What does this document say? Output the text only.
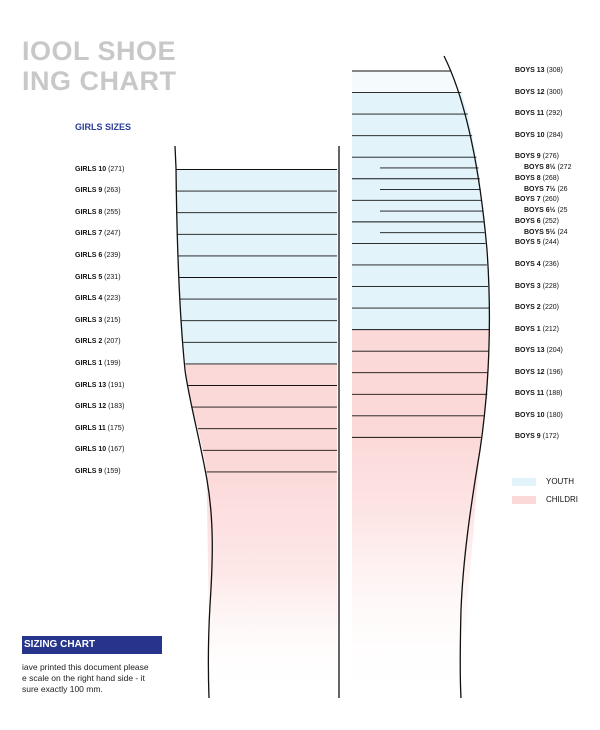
IOOL SHOE
ING CHART
GIRLS SIZES
GIRLS 10 (271)
GIRLS 9 (263)
GIRLS 8 (255)
GIRLS 7 (247)
GIRLS 6 (239)
GIRLS 5 (231)
GIRLS 4 (223)
GIRLS 3 (215)
GIRLS 2 (207)
GIRLS 1 (199)
GIRLS 13 (191)
GIRLS 12 (183)
GIRLS 11 (175)
GIRLS 10 (167)
GIRLS 9 (159)
BOYS 13 (308)
BOYS 12 (300)
BOYS 11 (292)
BOYS 10 (284)
BOYS 9 (276)
BOYS 8½ (272
BOYS 8 (268)
BOYS 7½ (26
BOYS 7 (260)
BOYS 6½ (25
BOYS 6 (252)
BOYS 5½ (24
BOYS 5 (244)
BOYS 4 (236)
BOYS 3 (228)
BOYS 2 (220)
BOYS 1 (212)
BOYS 13 (204)
BOYS 12 (196)
BOYS 11 (188)
BOYS 10 (180)
BOYS 9 (172)
YOUTH
CHILDRI
SIZING CHART
iave printed this document please
e scale on the right hand side - it
sure exactly 100 mm.
